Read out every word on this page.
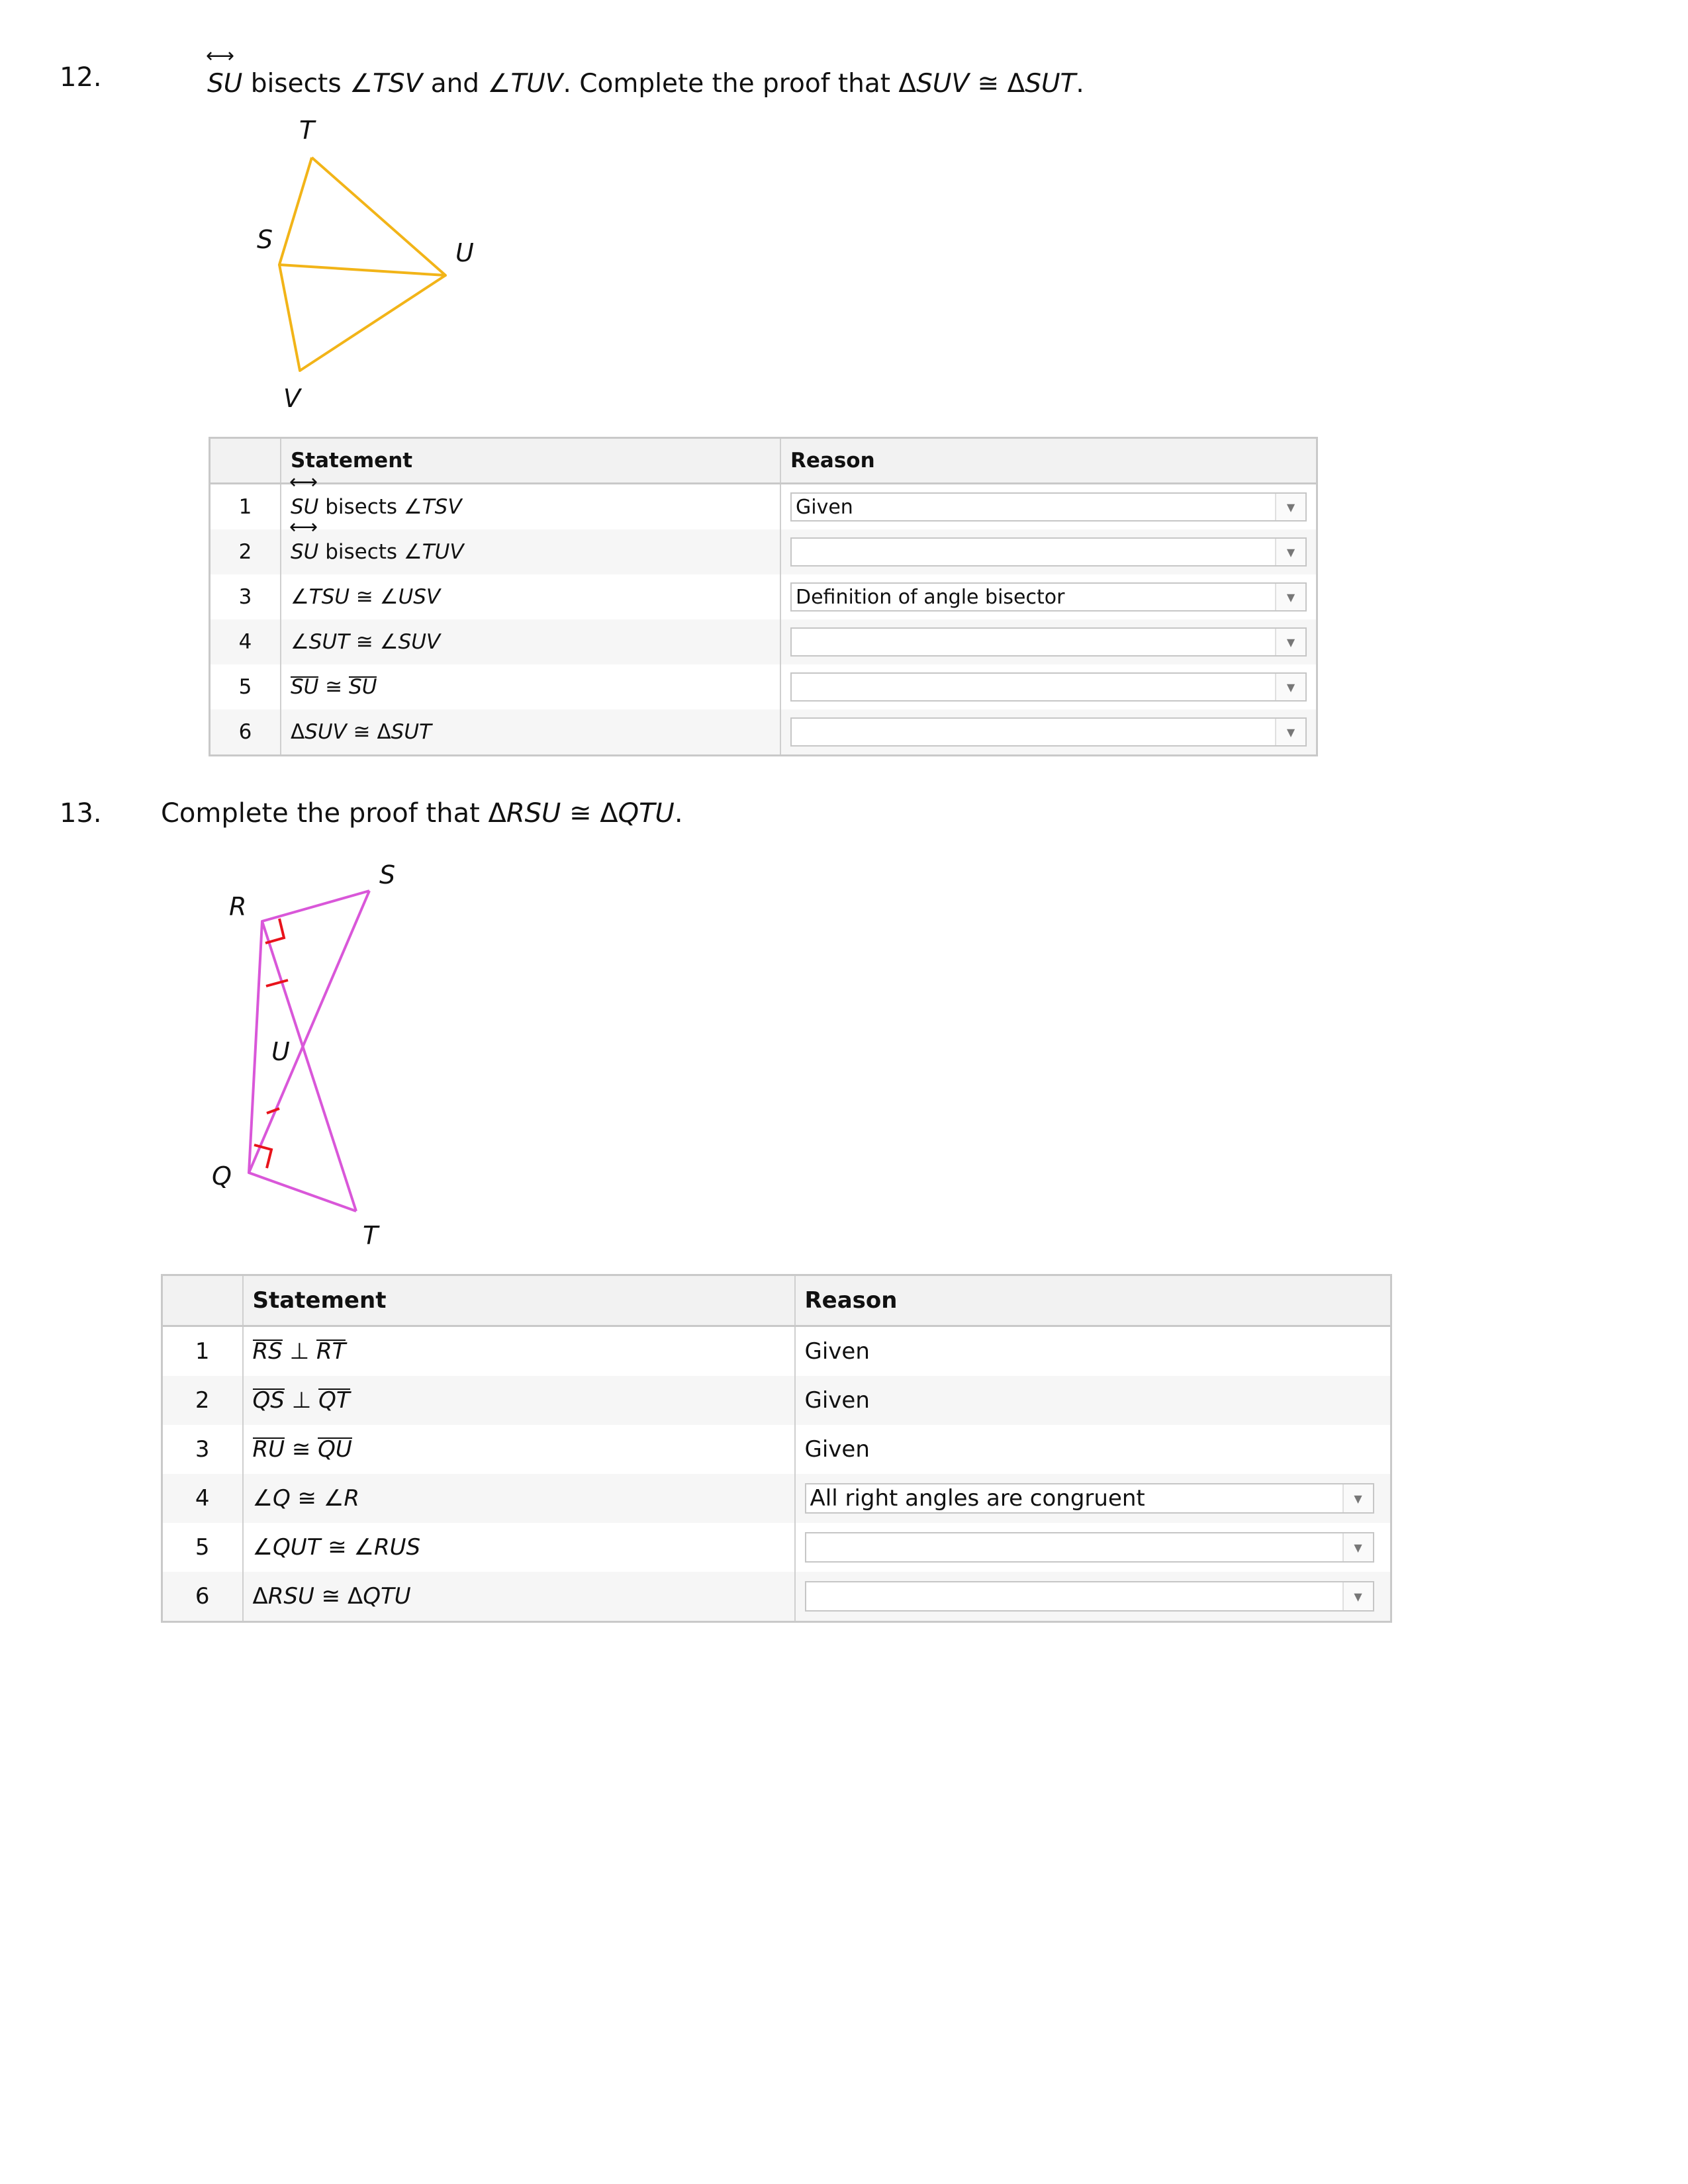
12.	⟷ SU bisects ∠TSV and ∠TUV. Complete the proof that ΔSUV ≅ ΔSUT.
T
S	U
V
	Statement	Reason
1	⟷ SU bisects ∠TSV	Given ▼

2	⟷ SU bisects ∠TUV	▼

3	∠TSU ≅ ∠USV	Definition of angle bisector ▼

4	∠SUT ≅ ∠SUV	▼

5	SU ≅ SU	▼

6	ΔSUV ≅ ΔSUT	▼
13. Complete the proof that ΔRSU ≅ ΔQTU.
S
R
U
Q
T
	Statement	Reason
1	RS ⊥ RT	Given
2	QS ⊥ QT	Given
3	RU ≅ QU	Given
4	∠Q ≅ ∠R	All right angles are congruent ▼

5	∠QUT ≅ ∠RUS	▼

6	ΔRSU ≅ ΔQTU	▼
